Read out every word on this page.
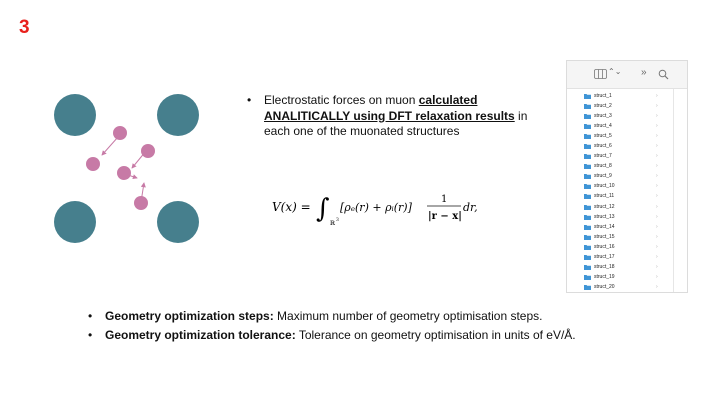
3
•	Electrostatic forces on muon calculated ANALITICALLY using DFT relaxation results in each one of the muonated structures
V(x) = ∫ ℝ 3
[ρₑ(r) + ρᵢ(r)]
1
|r − x|
dr,
⌃⌄ »
struct_1	›
struct_2	›
struct_3	›
struct_4	›
struct_5	›
struct_6	›
struct_7	›
struct_8	›
struct_9	›
struct_10	›
struct_11	›
struct_12	›
struct_13	›
struct_14	›
struct_15	›
struct_16	›
struct_17	›
struct_18	›
struct_19	›
struct_20	›
• Geometry optimization steps: Maximum number of geometry optimisation steps.
• Geometry optimization tolerance: Tolerance on geometry optimisation in units of eV/Å.
